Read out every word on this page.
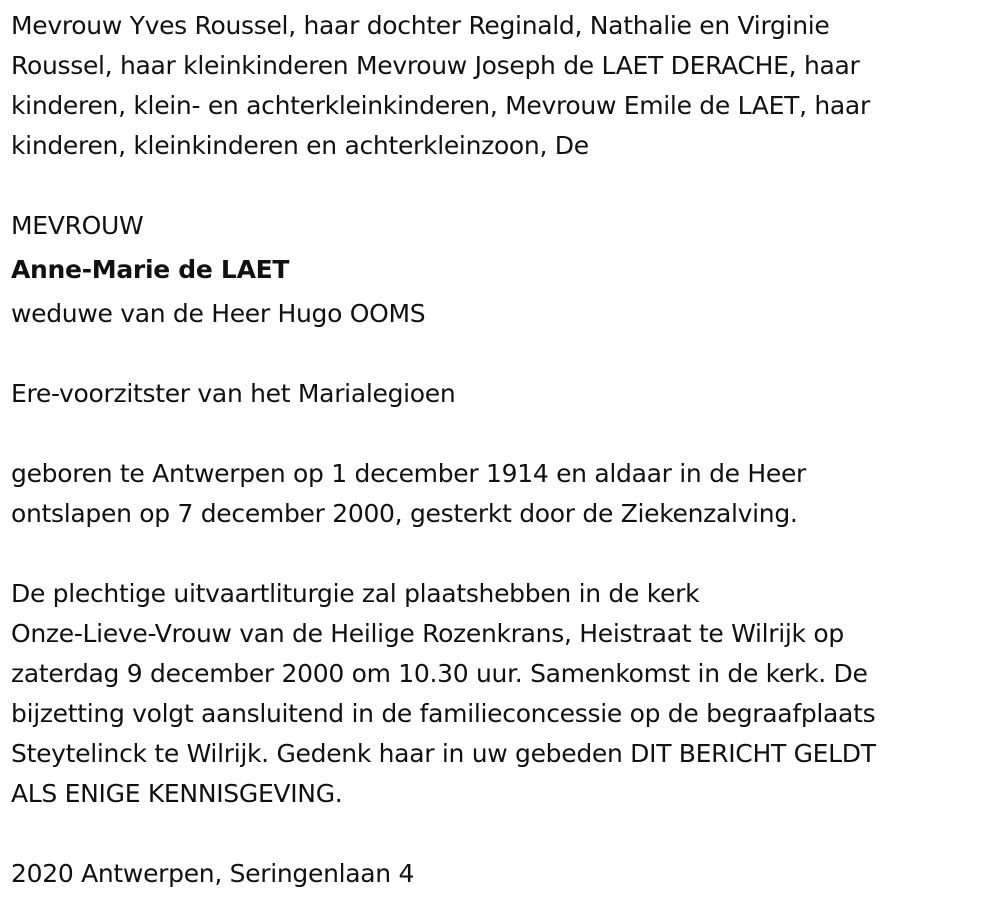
Mevrouw Yves Roussel, haar dochter Reginald, Nathalie en Virginie
Roussel, haar kleinkinderen Mevrouw Joseph de LAET DERACHE, haar
kinderen, klein- en achterkleinkinderen, Mevrouw Emile de LAET, haar
kinderen, kleinkinderen en achterkleinzoon, De
MEVROUW
Anne-Marie de LAET
weduwe van de Heer Hugo OOMS
Ere-voorzitster van het Marialegioen
geboren te Antwerpen op 1 december 1914 en aldaar in de Heer
ontslapen op 7 december 2000, gesterkt door de Ziekenzalving.
De plechtige uitvaartliturgie zal plaatshebben in de kerk
Onze-Lieve-Vrouw van de Heilige Rozenkrans, Heistraat te Wilrijk op
zaterdag 9 december 2000 om 10.30 uur. Samenkomst in de kerk. De
bijzetting volgt aansluitend in de familieconcessie op de begraafplaats
Steytelinck te Wilrijk. Gedenk haar in uw gebeden DIT BERICHT GELDT
ALS ENIGE KENNISGEVING.
2020 Antwerpen, Seringenlaan 4
